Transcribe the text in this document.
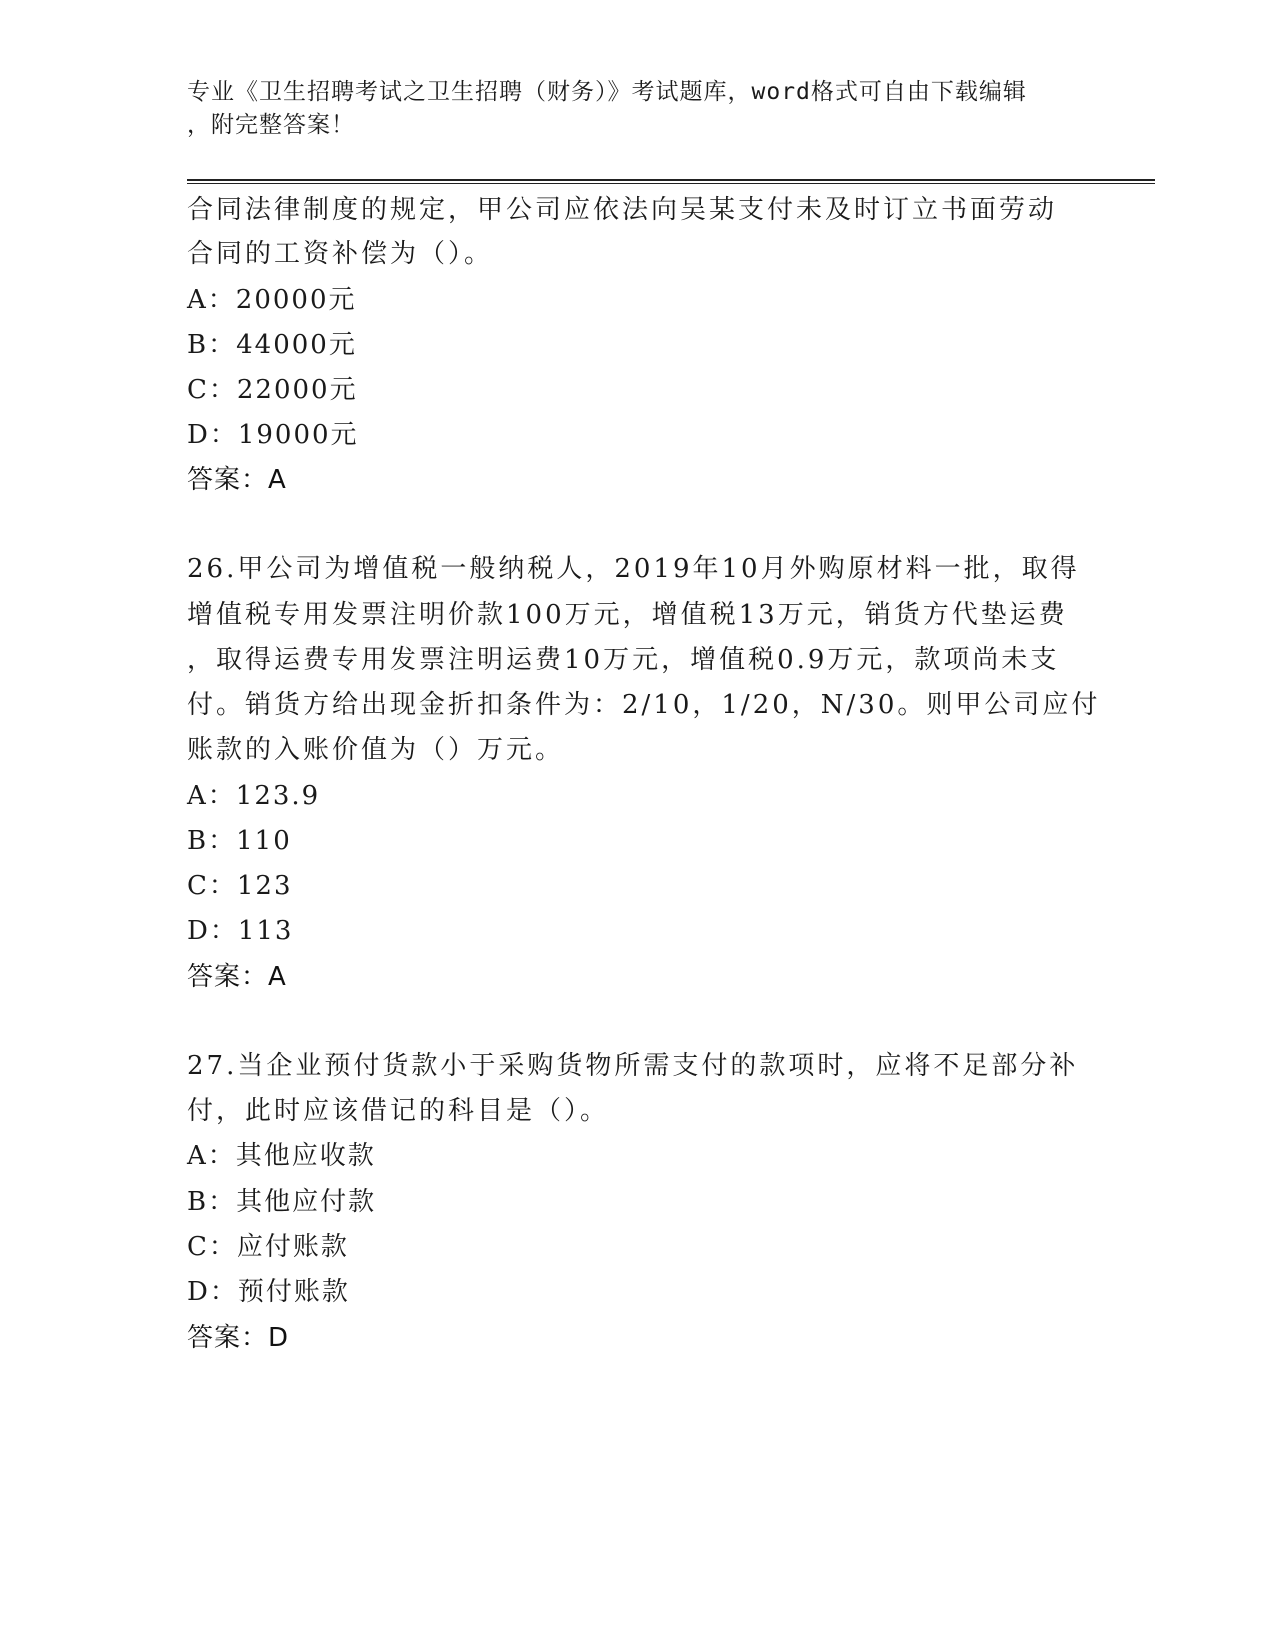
专业《卫生招聘考试之卫生招聘（财务）》考试题库，word格式可自由下载编辑
，附完整答案！
合同法律制度的规定，甲公司应依法向吴某支付未及时订立书面劳动
合同的工资补偿为（）。
A：20000元
B：44000元
C：22000元
D：19000元
答案：A
26.甲公司为增值税一般纳税人，2019年10月外购原材料一批，取得
增值税专用发票注明价款100万元，增值税13万元，销货方代垫运费
，取得运费专用发票注明运费10万元，增值税0.9万元，款项尚未支
付。销货方给出现金折扣条件为：2/10，1/20，N/30。则甲公司应付
账款的入账价值为（）万元。
A：123.9
B：110
C：123
D：113
答案：A
27.当企业预付货款小于采购货物所需支付的款项时，应将不足部分补
付，此时应该借记的科目是（）。
A：其他应收款
B：其他应付款
C：应付账款
D：预付账款
答案：D
